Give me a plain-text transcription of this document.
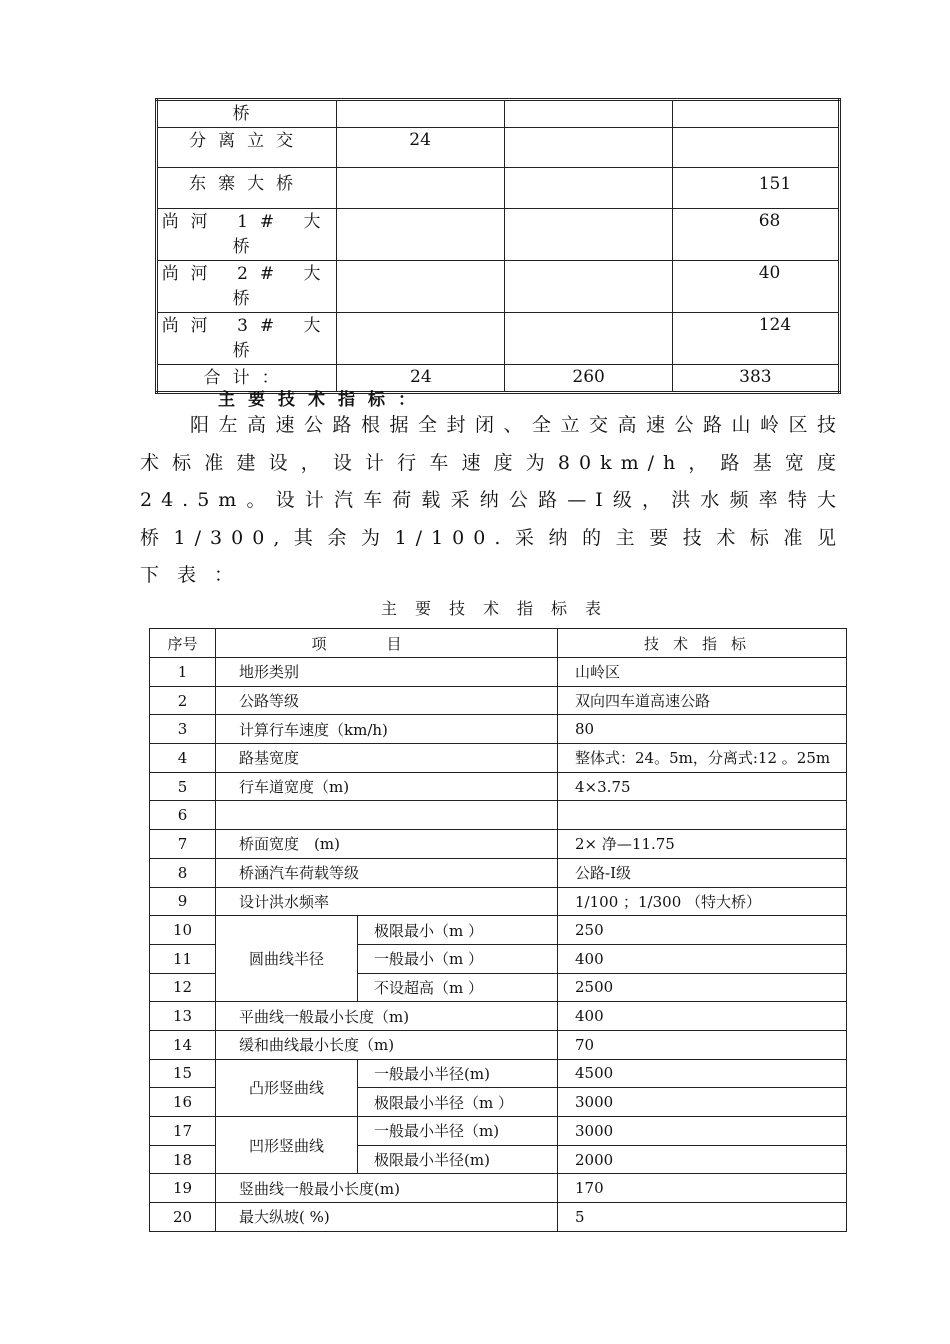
桥			
分离立交	24		
东寨大桥			151
尚河 1# 大桥			68
尚河 2# 大桥			40
尚河 3# 大桥			124
合计：	24	260	383

主要技术指标：

阳左高速公路根据全封闭、全立交高速公路山岭区技术标准建设，设计行车速度为80km/h，路基宽度24.5m。设计汽车荷载采纳公路—I级，洪水频率特大桥1/300,其余为1/100.采纳的主要技术标准见

下表：

主要技术指标表

序号	项目		技术指标
1	地形类别		山岭区
2	公路等级		双向四车道高速公路
3	计算行车速度（km/h)		80
4	路基宽度		整体式：24。5m，分离式:12 。25m
5	行车道宽度（m)		4×3.75
6			
7	桥面宽度　(m)		2× 净—11.75
8	桥涵汽车荷载等级		公路-I级
9	设计洪水频率		1/100 ；1/300 （特大桥）
10	圆曲线半径	极限最小（m ）	250
11		一般最小（m ）	400
12		不设超高（m ）	2500
13	平曲线一般最小长度（m)		400
14	缓和曲线最小长度（m)		70
15	凸形竖曲线	一般最小半径(m)	4500
16		极限最小半径（m ）	3000
17	凹形竖曲线	一般最小半径（m)	3000
18		极限最小半径(m)	2000
19	竖曲线一般最小长度(m)		170
20	最大纵坡( %)		5
